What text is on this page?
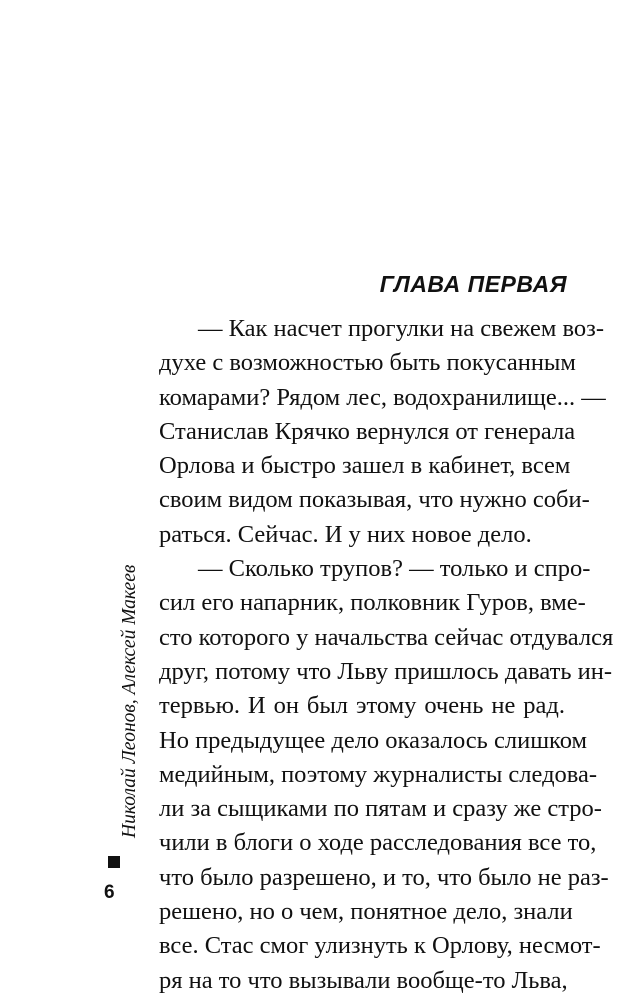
ГЛАВА ПЕРВАЯ
— Как насчет прогулки на свежем воз-
духе с возможностью быть покусанным
комарами? Рядом лес, водохранилище... —
Станислав Крячко вернулся от генерала
Орлова и быстро зашел в кабинет, всем
своим видом показывая, что нужно соби-
раться. Сейчас. И у них новое дело.
— Сколько трупов? — только и спро-
сил его напарник, полковник Гуров, вме-
сто которого у начальства сейчас отдувался
друг, потому что Льву пришлось давать ин-
тервью. И он был этому очень не рад.
Но предыдущее дело оказалось слишком
медийным, поэтому журналисты следова-
ли за сыщиками по пятам и сразу же стро-
чили в блоги о ходе расследования все то,
что было разрешено, и то, что было не раз-
решено, но о чем, понятное дело, знали
все. Стас смог улизнуть к Орлову, несмот-
ря на то что вызывали вообще-то Льва,
Николай Леонов, Алексей Макеев
6
